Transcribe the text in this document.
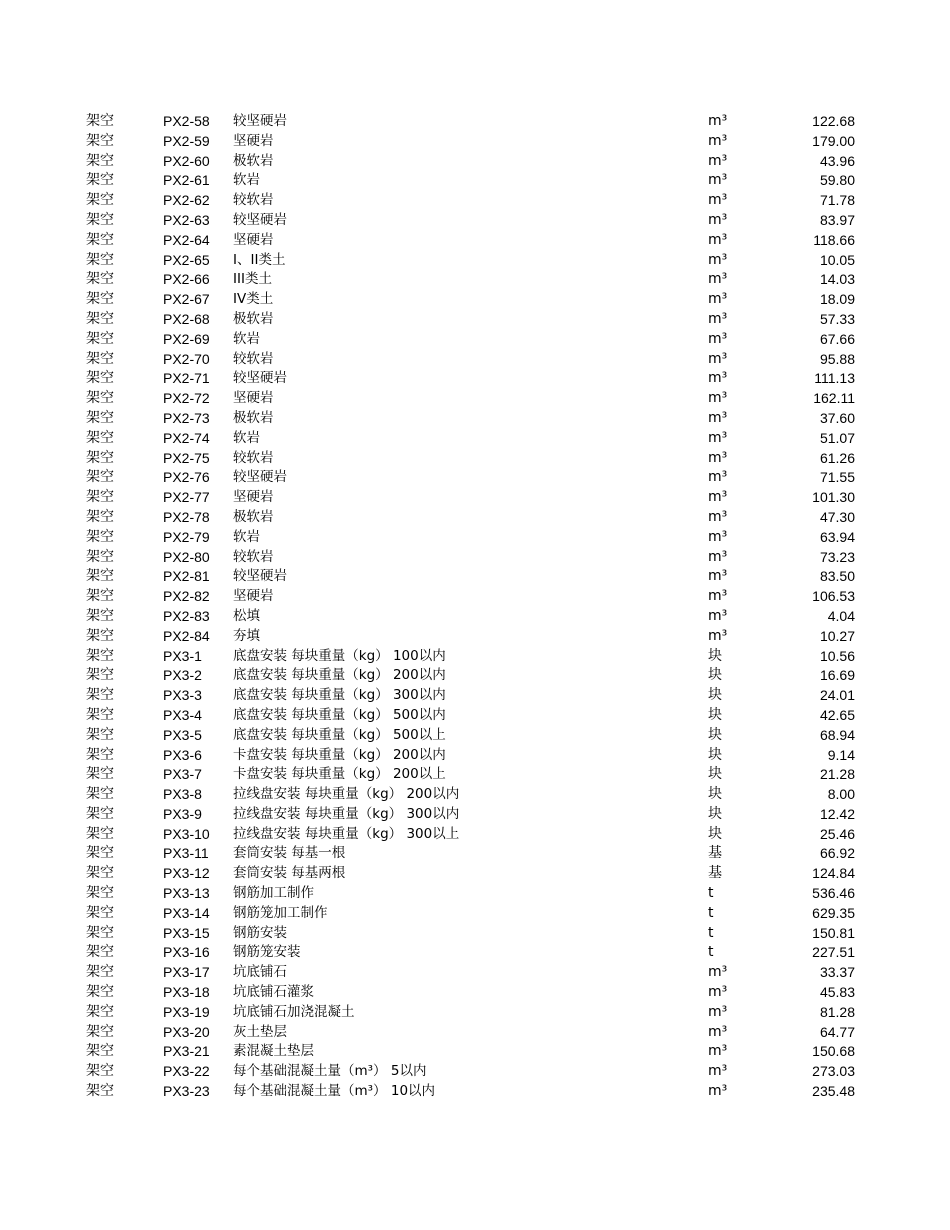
架空	PX2-58 较坚硬岩	m³	122.68
架空	PX2-59 坚硬岩	m³	179.00
架空	PX2-60 极软岩	m³	43.96
架空	PX2-61 软岩	m³	59.80
架空	PX2-62 较软岩	m³	71.78
架空	PX2-63 较坚硬岩	m³	83.97
架空	PX2-64 坚硬岩	m³	118.66
架空	PX2-65 I、II类土	m³	10.05
架空	PX2-66 III类土	m³	14.03
架空	PX2-67 IV类土	m³	18.09
架空	PX2-68 极软岩	m³	57.33
架空	PX2-69 软岩	m³	67.66
架空	PX2-70 较软岩	m³	95.88
架空	PX2-71 较坚硬岩	m³	111.13
架空	PX2-72 坚硬岩	m³	162.11
架空	PX2-73 极软岩	m³	37.60
架空	PX2-74 软岩	m³	51.07
架空	PX2-75 较软岩	m³	61.26
架空	PX2-76 较坚硬岩	m³	71.55
架空	PX2-77 坚硬岩	m³	101.30
架空	PX2-78 极软岩	m³	47.30
架空	PX2-79 软岩	m³	63.94
架空	PX2-80 较软岩	m³	73.23
架空	PX2-81 较坚硬岩	m³	83.50
架空	PX2-82 坚硬岩	m³	106.53
架空	PX2-83 松填	m³	4.04
架空	PX2-84 夯填	m³	10.27
架空	PX3-1 底盘安装 每块重量（kg） 100以内	块	10.56
架空	PX3-2 底盘安装 每块重量（kg） 200以内	块	16.69
架空	PX3-3 底盘安装 每块重量（kg） 300以内	块	24.01
架空	PX3-4 底盘安装 每块重量（kg） 500以内	块	42.65
架空	PX3-5 底盘安装 每块重量（kg） 500以上	块	68.94
架空	PX3-6 卡盘安装 每块重量（kg） 200以内	块	9.14
架空	PX3-7 卡盘安装 每块重量（kg） 200以上	块	21.28
架空	PX3-8 拉线盘安装 每块重量（kg） 200以内	块	8.00
架空	PX3-9 拉线盘安装 每块重量（kg） 300以内	块	12.42
架空	PX3-10 拉线盘安装 每块重量（kg） 300以上	块	25.46
架空	PX3-11 套筒安装 每基一根	基	66.92
架空	PX3-12 套筒安装 每基两根	基	124.84
架空	PX3-13 钢筋加工制作	t	536.46
架空	PX3-14 钢筋笼加工制作	t	629.35
架空	PX3-15 钢筋安装	t	150.81
架空	PX3-16 钢筋笼安装	t	227.51
架空	PX3-17 坑底铺石	m³	33.37
架空	PX3-18 坑底铺石灌浆	m³	45.83
架空	PX3-19 坑底铺石加浇混凝土	m³	81.28
架空	PX3-20 灰土垫层	m³	64.77
架空	PX3-21 素混凝土垫层	m³	150.68
架空	PX3-22 每个基础混凝土量（m³） 5以内	m³	273.03
架空	PX3-23 每个基础混凝土量（m³） 10以内	m³	235.48
